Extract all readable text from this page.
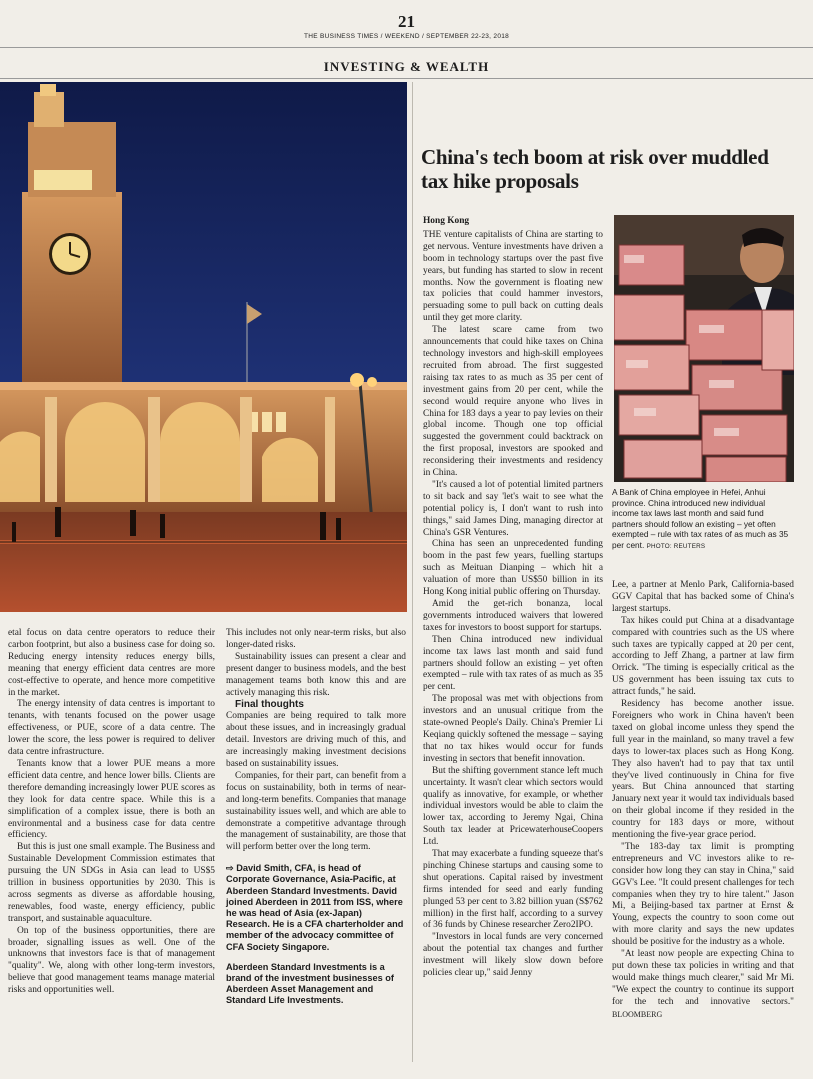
21
THE BUSINESS TIMES / WEEKEND / SEPTEMBER 22-23, 2018
INVESTING & WEALTH

etal focus on data centre operators to reduce their carbon footprint, but also a business case for doing so. Reducing energy intensity reduces energy bills, meaning that energy efficient data centres are more cost-effective to operate, and hence more competitive in the market.

The energy intensity of data centres is important to tenants, with tenants focused on the power usage effectiveness, or PUE, score of a data centre. The lower the score, the less power is required to deliver data centre infrastructure.

Tenants know that a lower PUE means a more efficient data centre, and hence lower bills. Clients are therefore demanding increasingly lower PUE scores as they look for data centre space. While this is a simplification of a complex issue, there is both an environmental and a business case for data centre efficiency.

But this is just one small example. The Business and Sustainable Development Commission estimates that pursuing the UN SDGs in Asia can lead to US$5 trillion in business opportunities by 2030. This is across segments as diverse as affordable housing, renewables, food waste, energy efficiency, public transport, and sustainable aquaculture.

On top of the business opportunities, there are broader, signalling issues as well. One of the unknowns that investors face is that of management "quality". We, along with other long-term investors, believe that good management teams manage material risks and opportunities well.

This includes not only near-term risks, but also longer-dated risks.

Sustainability issues can present a clear and present danger to business models, and the best management teams both know this and are actively managing this risk.

Final thoughts

Companies are being required to talk more about these issues, and in increasingly gradual detail. Investors are driving much of this, and are increasingly making investment decisions based on sustainability issues.

Companies, for their part, can benefit from a focus on sustainability, both in terms of near- and long-term benefits. Companies that manage sustainability issues well, and which are able to demonstrate a competitive advantage through the management of sustainability, are those that will perform better over the long term.

⇨ David Smith, CFA, is head of Corporate Governance, Asia-Pacific, at Aberdeen Standard Investments. David joined Aberdeen in 2011 from ISS, where he was head of Asia (ex-Japan) Research. He is a CFA charterholder and member of the advocacy committee of CFA Society Singapore.

Aberdeen Standard Investments is a brand of the investment businesses of Aberdeen Asset Management and Standard Life Investments.

China's tech boom at risk over muddled tax hike proposals
Hong Kong

THE venture capitalists of China are starting to get nervous. Venture investments have driven a boom in technology startups over the past five years, but funding has started to slow in recent months. Now the government is floating new tax policies that could hammer investors, persuading some to pull back on cutting deals until they get more clarity.

The latest scare came from two announcements that could hike taxes on China technology investors and high-skill employees recruited from abroad. The first suggested raising tax rates to as much as 35 per cent of investment gains from 20 per cent, while the second would require anyone who lives in China for 183 days a year to pay levies on their global income. Though one top official suggested the government could backtrack on the first proposal, investors are spooked and reconsidering their investments and residency in China.

"It's caused a lot of potential limited partners to sit back and say 'let's wait to see what the potential policy is, I don't want to rush into things," said James Ding, managing director at China's GSR Ventures.

China has seen an unprecedented funding boom in the past few years, fuelling startups such as Meituan Dianping – which hit a valuation of more than US$50 billion in its Hong Kong initial public offering on Thursday.

Amid the get-rich bonanza, local governments introduced waivers that lowered taxes for investors to boost support for startups.

Then China introduced new individual income tax laws last month and said fund partners should follow an existing – yet often exempted – rule with tax rates of as much as 35 per cent.

The proposal was met with objections from investors and an unusual critique from the state-owned People's Daily. China's Premier Li Keqiang quickly softened the message – saying that no tax hikes would occur for funds investing in sectors that benefit innovation.

But the shifting government stance left much uncertainty. It wasn't clear which sectors would qualify as innovative, for example, or whether individual investors would be able to claim the lower tax, according to Jeremy Ngai, China South tax leader at PricewaterhouseCoopers Ltd.

That may exacerbate a funding squeeze that's pinching Chinese startups and causing some to shut operations. Capital raised by investment firms intended for seed and early funding plunged 53 per cent to 3.82 billion yuan (S$762 million) in the first half, according to a survey of 36 funds by Chinese researcher Zero2IPO.

"Investors in local funds are very concerned about the potential tax changes and further investment will likely slow down before policies clear up," said Jenny

A Bank of China employee in Hefei, Anhui province. China introduced new individual income tax laws last month and said fund partners should follow an existing – yet often exempted – rule with tax rates of as much as 35 per cent. PHOTO: REUTERS

Lee, a partner at Menlo Park, California-based GGV Capital that has backed some of China's largest startups.

Tax hikes could put China at a disadvantage compared with countries such as the US where such taxes are typically capped at 20 per cent, according to Jeff Zhang, a partner at law firm Orrick. "The timing is especially critical as the US government has been issuing tax cuts to attract funds," he said.

Residency has become another issue. Foreigners who work in China haven't been taxed on global income unless they spend the full year in the mainland, so many travel a few days to lower-tax places such as Hong Kong. They also haven't had to pay that tax until they've lived continuously in China for five years. But China announced that starting January next year it would tax individuals based on their global income if they resided in the country for 183 days or more, without mentioning the five-year grace period.

"The 183-day tax limit is prompting entrepreneurs and VC investors alike to re-consider how long they can stay in China," said GGV's Lee. "It could present challenges for tech companies when they try to hire talent." Jason Mi, a Beijing-based tax partner at Ernst & Young, expects the country to soon come out with more clarity and says the new updates should be positive for the industry as a whole.

"At least now people are expecting China to put down these tax policies in writing and that would make things much clearer," said Mr Mi. "We expect the country to continue its support for the tech and innovative sectors." BLOOMBERG
